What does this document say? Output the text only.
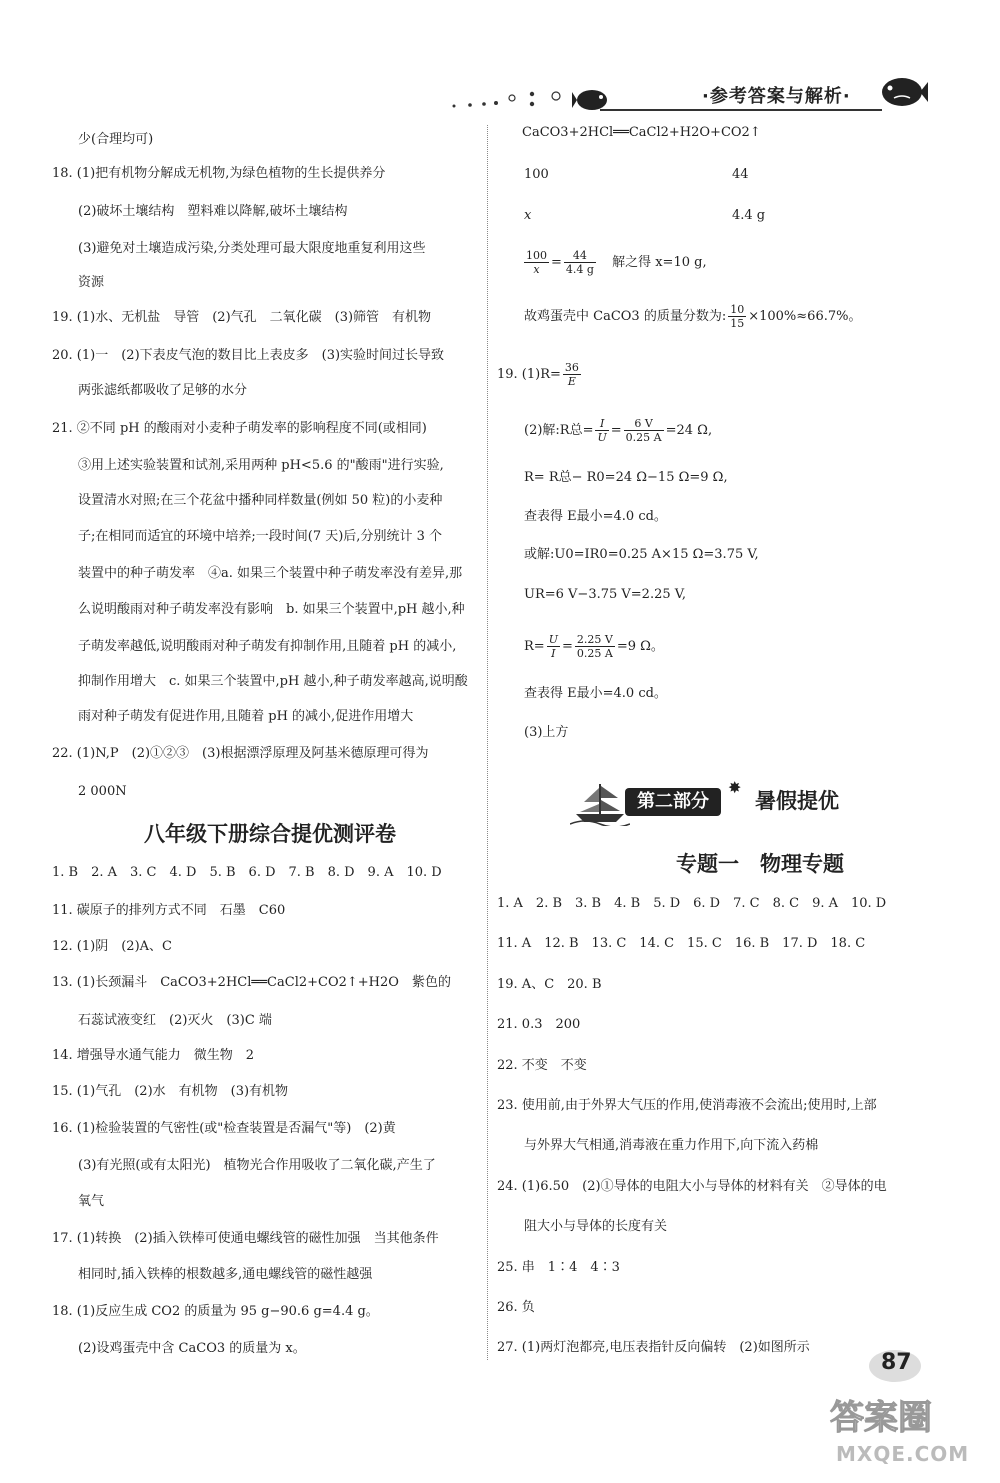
·参考答案与解析·
少(合理均可)
18. (1)把有机物分解成无机物,为绿色植物的生长提供养分
(2)破坏土壤结构　塑料难以降解,破坏土壤结构
(3)避免对土壤造成污染,分类处理可最大限度地重复利用这些
资源
19. (1)水、无机盐　导管　(2)气孔　二氧化碳　(3)筛管　有机物
20. (1)一　(2)下表皮气泡的数目比上表皮多　(3)实验时间过长导致
两张滤纸都吸收了足够的水分
21. ②不同 pH 的酸雨对小麦种子萌发率的影响程度不同(或相同)
③用上述实验装置和试剂,采用两种 pH<5.6 的"酸雨"进行实验,
设置清水对照;在三个花盆中播种同样数量(例如 50 粒)的小麦种
子;在相同而适宜的环境中培养;一段时间(7 天)后,分别统计 3 个
装置中的种子萌发率　④a. 如果三个装置中种子萌发率没有差异,那
么说明酸雨对种子萌发率没有影响　b. 如果三个装置中,pH 越小,种
子萌发率越低,说明酸雨对种子萌发有抑制作用,且随着 pH 的减小,
抑制作用增大　c. 如果三个装置中,pH 越小,种子萌发率越高,说明酸
雨对种子萌发有促进作用,且随着 pH 的减小,促进作用增大
22. (1)N,P　(2)①②③　(3)根据漂浮原理及阿基米德原理可得为
2 000N
八年级下册综合提优测评卷
1. B　2. A　3. C　4. D　5. B　6. D　7. B　8. D　9. A　10. D
11. 碳原子的排列方式不同　石墨　C60
12. (1)阴　(2)A、C
13. (1)长颈漏斗　CaCO3+2HCl══CaCl2+CO2↑+H2O　紫色的
石蕊试液变红　(2)灭火　(3)C 端
14. 增强导水通气能力　微生物　2
15. (1)气孔　(2)水　有机物　(3)有机物
16. (1)检验装置的气密性(或"检查装置是否漏气"等)　(2)黄
(3)有光照(或有太阳光)　植物光合作用吸收了二氧化碳,产生了
氧气
17. (1)转换　(2)插入铁棒可使通电螺线管的磁性加强　当其他条件
相同时,插入铁棒的根数越多,通电螺线管的磁性越强
18. (1)反应生成 CO2 的质量为 95 g−90.6 g=4.4 g。
(2)设鸡蛋壳中含 CaCO3 的质量为 x。
CaCO3+2HCl══CaCl2+H2O+CO2↑
100	44
x	4.4 g
$\frac{100}{x} = \frac{44}{4.4 g}$ 解之得 x=10 g,
故鸡蛋壳中 CaCO3 的质量分数为: $\frac{10}{15} \times 100\%\approx 66.7\%$。
19. $(1)R= \frac{36}{E}$
(2)解:R总= $\frac{I}{U} = \frac{6 V}{0.25 A} =24$ Ω,
R= R总− R0=24 Ω−15 Ω=9 Ω,
查表得 E最小=4.0 cd。
或解:U0=IR0=0.25 A×15 Ω=3.75 V,
UR=6 V−3.75 V=2.25 V,
$R= \frac{U}{I} = \frac{2.25 V}{0.25 A} =9$ Ω。
查表得 E最小=4.0 cd。
(3)上方
第二部分
✸
暑假提优
专题一　物理专题
1. A　2. B　3. B　4. B　5. D　6. D　7. C　8. C　9. A　10. D
11. A　12. B　13. C　14. C　15. C　16. B　17. D　18. C
19. A、C　20. B
21. 0.3　200
22. 不变　不变
23. 使用前,由于外界大气压的作用,使消毒液不会流出;使用时,上部
与外界大气相通,消毒液在重力作用下,向下流入药棉
24. (1)6.50　(2)①导体的电阻大小与导体的材料有关　②导体的电
阻大小与导体的长度有关
25. 串　1∶4　4∶3
26. 负
27. (1)两灯泡都亮,电压表指针反向偏转　(2)如图所示
87
答案圈
MXQE.COM
